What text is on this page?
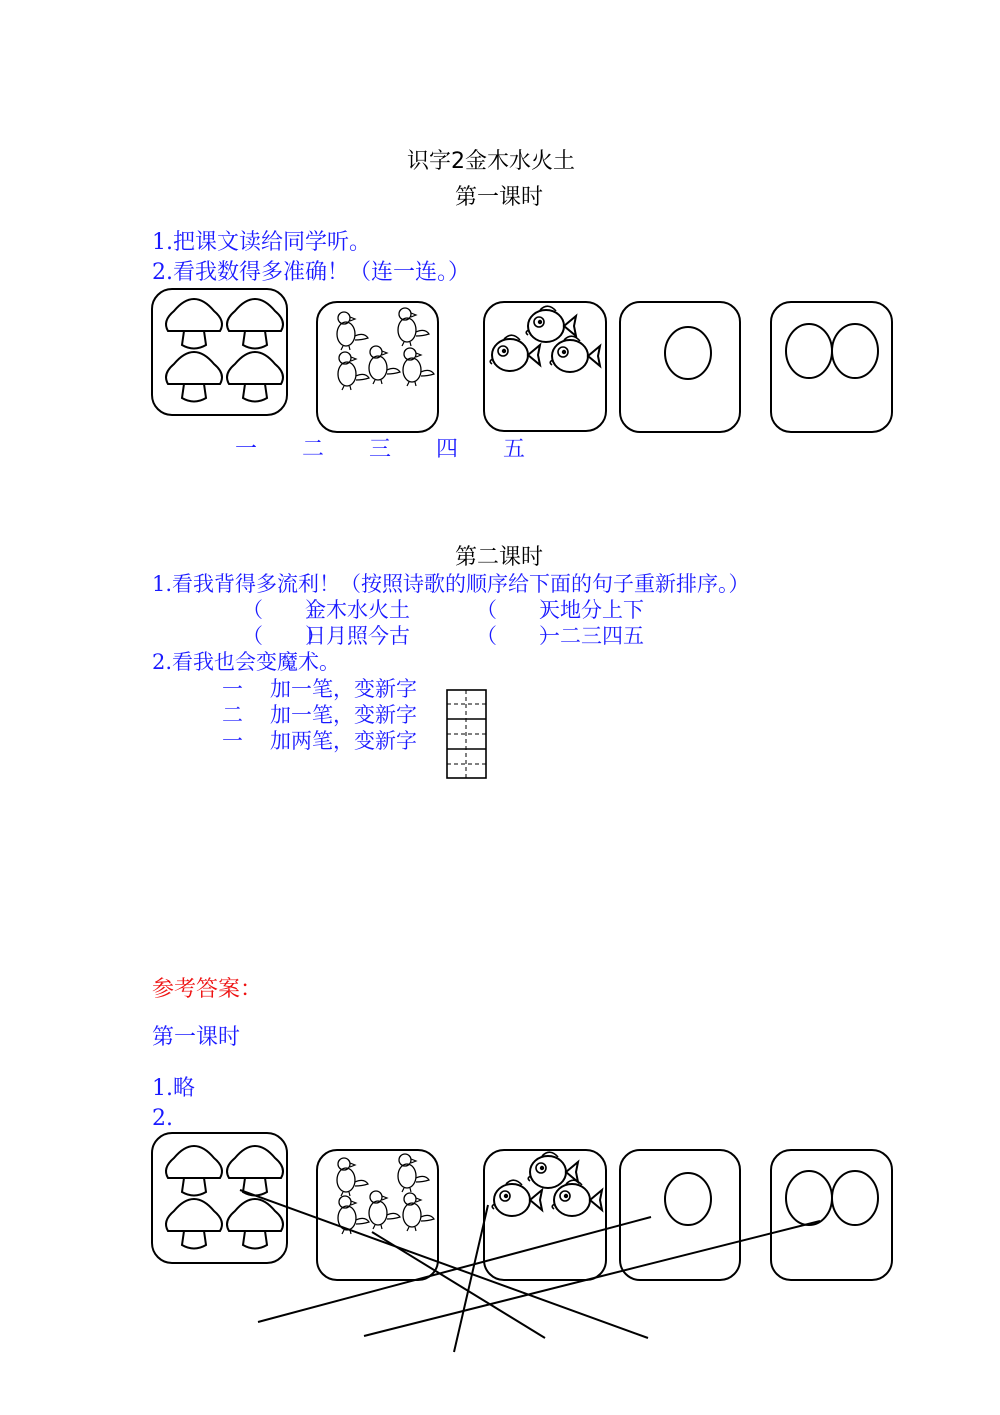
识字2金木水火土
第一课时
1.把课文读给同学听。
2.看我数得多准确！（连一连。）
一 二 三 四 五
第二课时
1.看我背得多流利！（按照诗歌的顺序给下面的句子重新排序。）
（　　）
金木水火土	（　　）
天地分上下
（　　）
日月照今古	（　　）
一二三四五
2.看我也会变魔术。
一 加一笔，变新字
二 加一笔，变新字
一 加两笔，变新字
参考答案：
第一课时
1.略
2.
